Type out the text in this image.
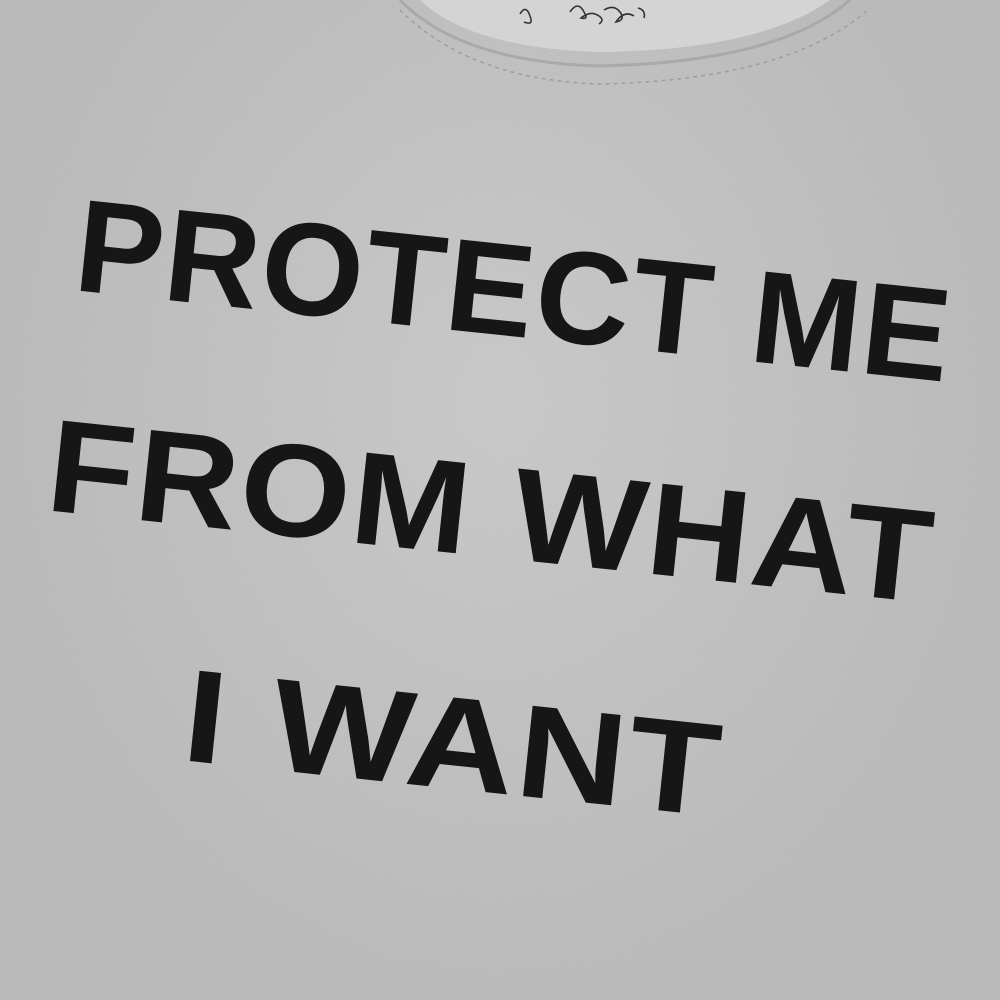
PROTECT ME
FROM WHAT
I WANT
